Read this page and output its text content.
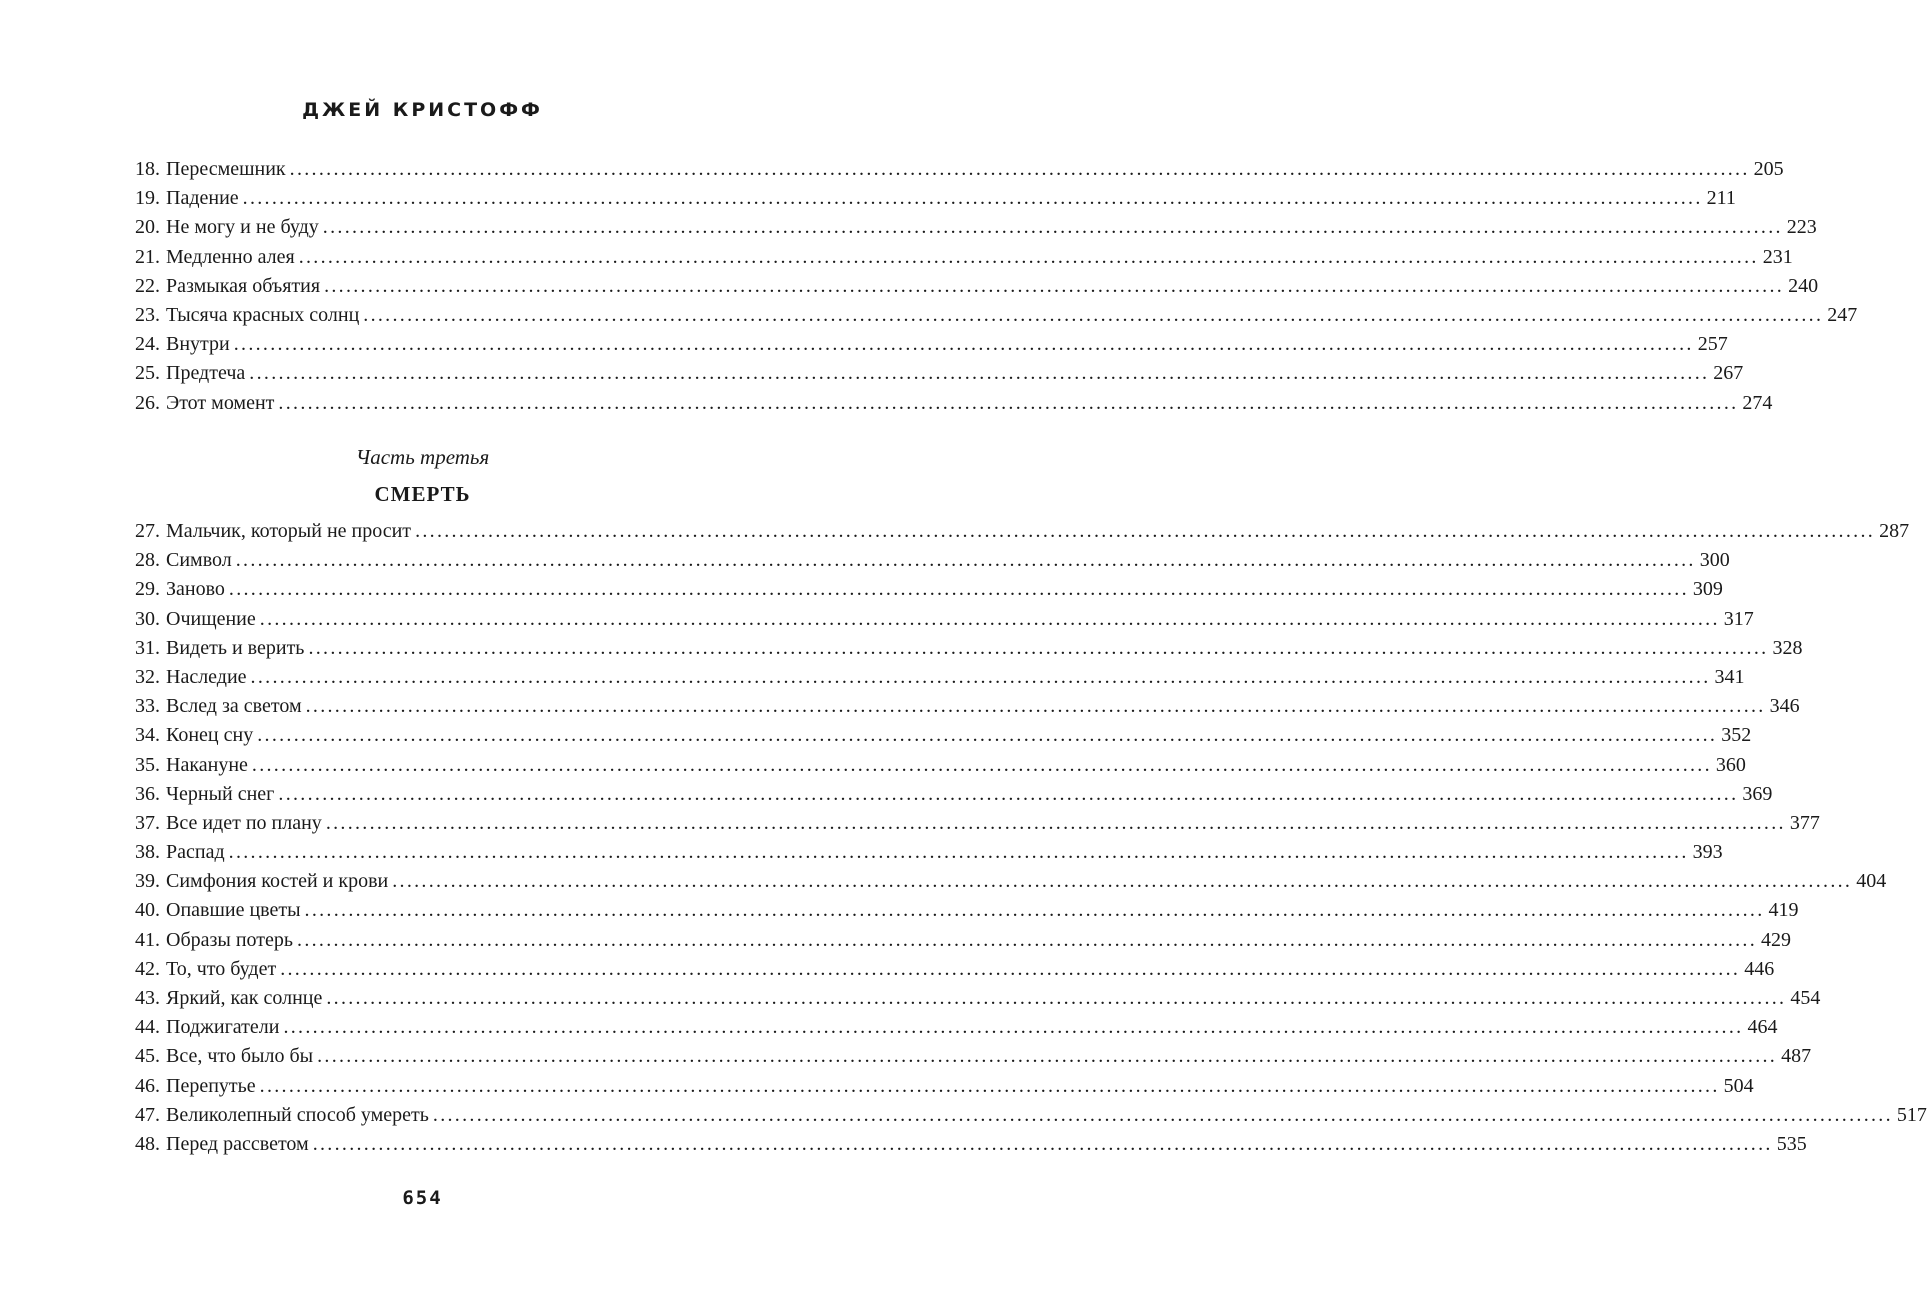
ДЖЕЙ КРИСТОФФ
18. Пересмешник ........................................................................................................................................................................................................ 205
19. Падение ........................................................................................................................................................................................................ 211
20. Не могу и не буду ........................................................................................................................................................................................................ 223
21. Медленно алея ........................................................................................................................................................................................................ 231
22. Размыкая объятия ........................................................................................................................................................................................................ 240
23. Тысяча красных солнц ........................................................................................................................................................................................................ 247
24. Внутри ........................................................................................................................................................................................................ 257
25. Предтеча ........................................................................................................................................................................................................ 267
26. Этот момент ........................................................................................................................................................................................................ 274
Часть третья
СМЕРТЬ
27. Мальчик, который не просит ........................................................................................................................................................................................................ 287
28. Символ ........................................................................................................................................................................................................ 300
29. Заново ........................................................................................................................................................................................................ 309
30. Очищение ........................................................................................................................................................................................................ 317
31. Видеть и верить ........................................................................................................................................................................................................ 328
32. Наследие ........................................................................................................................................................................................................ 341
33. Вслед за светом ........................................................................................................................................................................................................ 346
34. Конец сну ........................................................................................................................................................................................................ 352
35. Накануне ........................................................................................................................................................................................................ 360
36. Черный снег ........................................................................................................................................................................................................ 369
37. Все идет по плану ........................................................................................................................................................................................................ 377
38. Распад ........................................................................................................................................................................................................ 393
39. Симфония костей и крови ........................................................................................................................................................................................................ 404
40. Опавшие цветы ........................................................................................................................................................................................................ 419
41. Образы потерь ........................................................................................................................................................................................................ 429
42. То, что будет ........................................................................................................................................................................................................ 446
43. Яркий, как солнце ........................................................................................................................................................................................................ 454
44. Поджигатели ........................................................................................................................................................................................................ 464
45. Все, что было бы ........................................................................................................................................................................................................ 487
46. Перепутье ........................................................................................................................................................................................................ 504
47. Великолепный способ умереть ........................................................................................................................................................................................................ 517
48. Перед рассветом ........................................................................................................................................................................................................ 535
654
